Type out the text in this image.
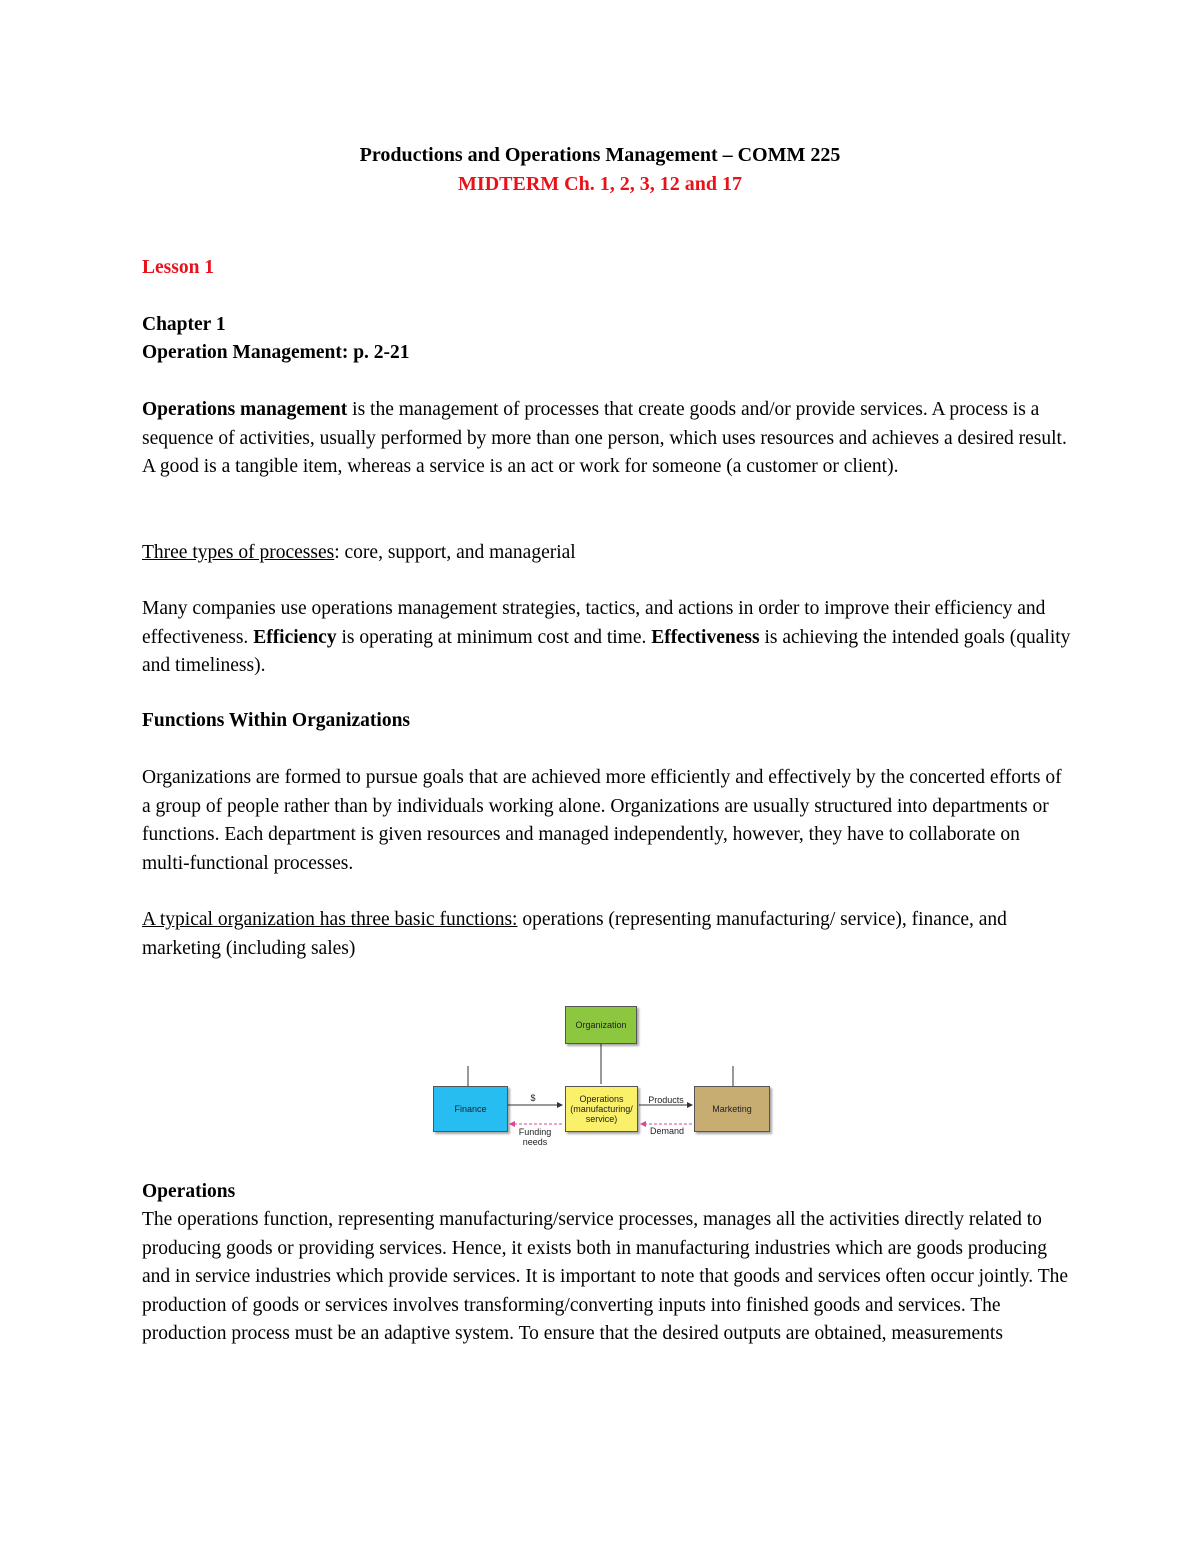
Productions and Operations Management – COMM 225

MIDTERM Ch. 1, 2, 3, 12 and 17

Lesson 1

Chapter 1

Operation Management: p. 2-21

Operations management is the management of processes that create goods and/or provide services. A process is a sequence of activities, usually performed by more than one person, which uses resources and achieves a desired result. A good is a tangible item, whereas a service is an act or work for someone (a customer or client).

Three types of processes: core, support, and managerial

Many companies use operations management strategies, tactics, and actions in order to improve their efficiency and effectiveness. Efficiency is operating at minimum cost and time. Effectiveness is achieving the intended goals (quality and timeliness).

Functions Within Organizations

Organizations are formed to pursue goals that are achieved more efficiently and effectively by the concerted efforts of a group of people rather than by individuals working alone. Organizations are usually structured into departments or functions. Each department is given resources and managed independently, however, they have to collaborate on multi-functional processes.

A typical organization has three basic functions: operations (representing manufacturing/ service), finance, and marketing (including sales)

Organization
Finance
Operations (manufacturing/ service)
Marketing
$
Funding needs
Products
Demand

Operations

The operations function, representing manufacturing/service processes, manages all the activities directly related to producing goods or providing services. Hence, it exists both in manufacturing industries which are goods producing and in service industries which provide services. It is important to note that goods and services often occur jointly. The production of goods or services involves transforming/converting inputs into finished goods and services. The production process must be an adaptive system. To ensure that the desired outputs are obtained, measurements
